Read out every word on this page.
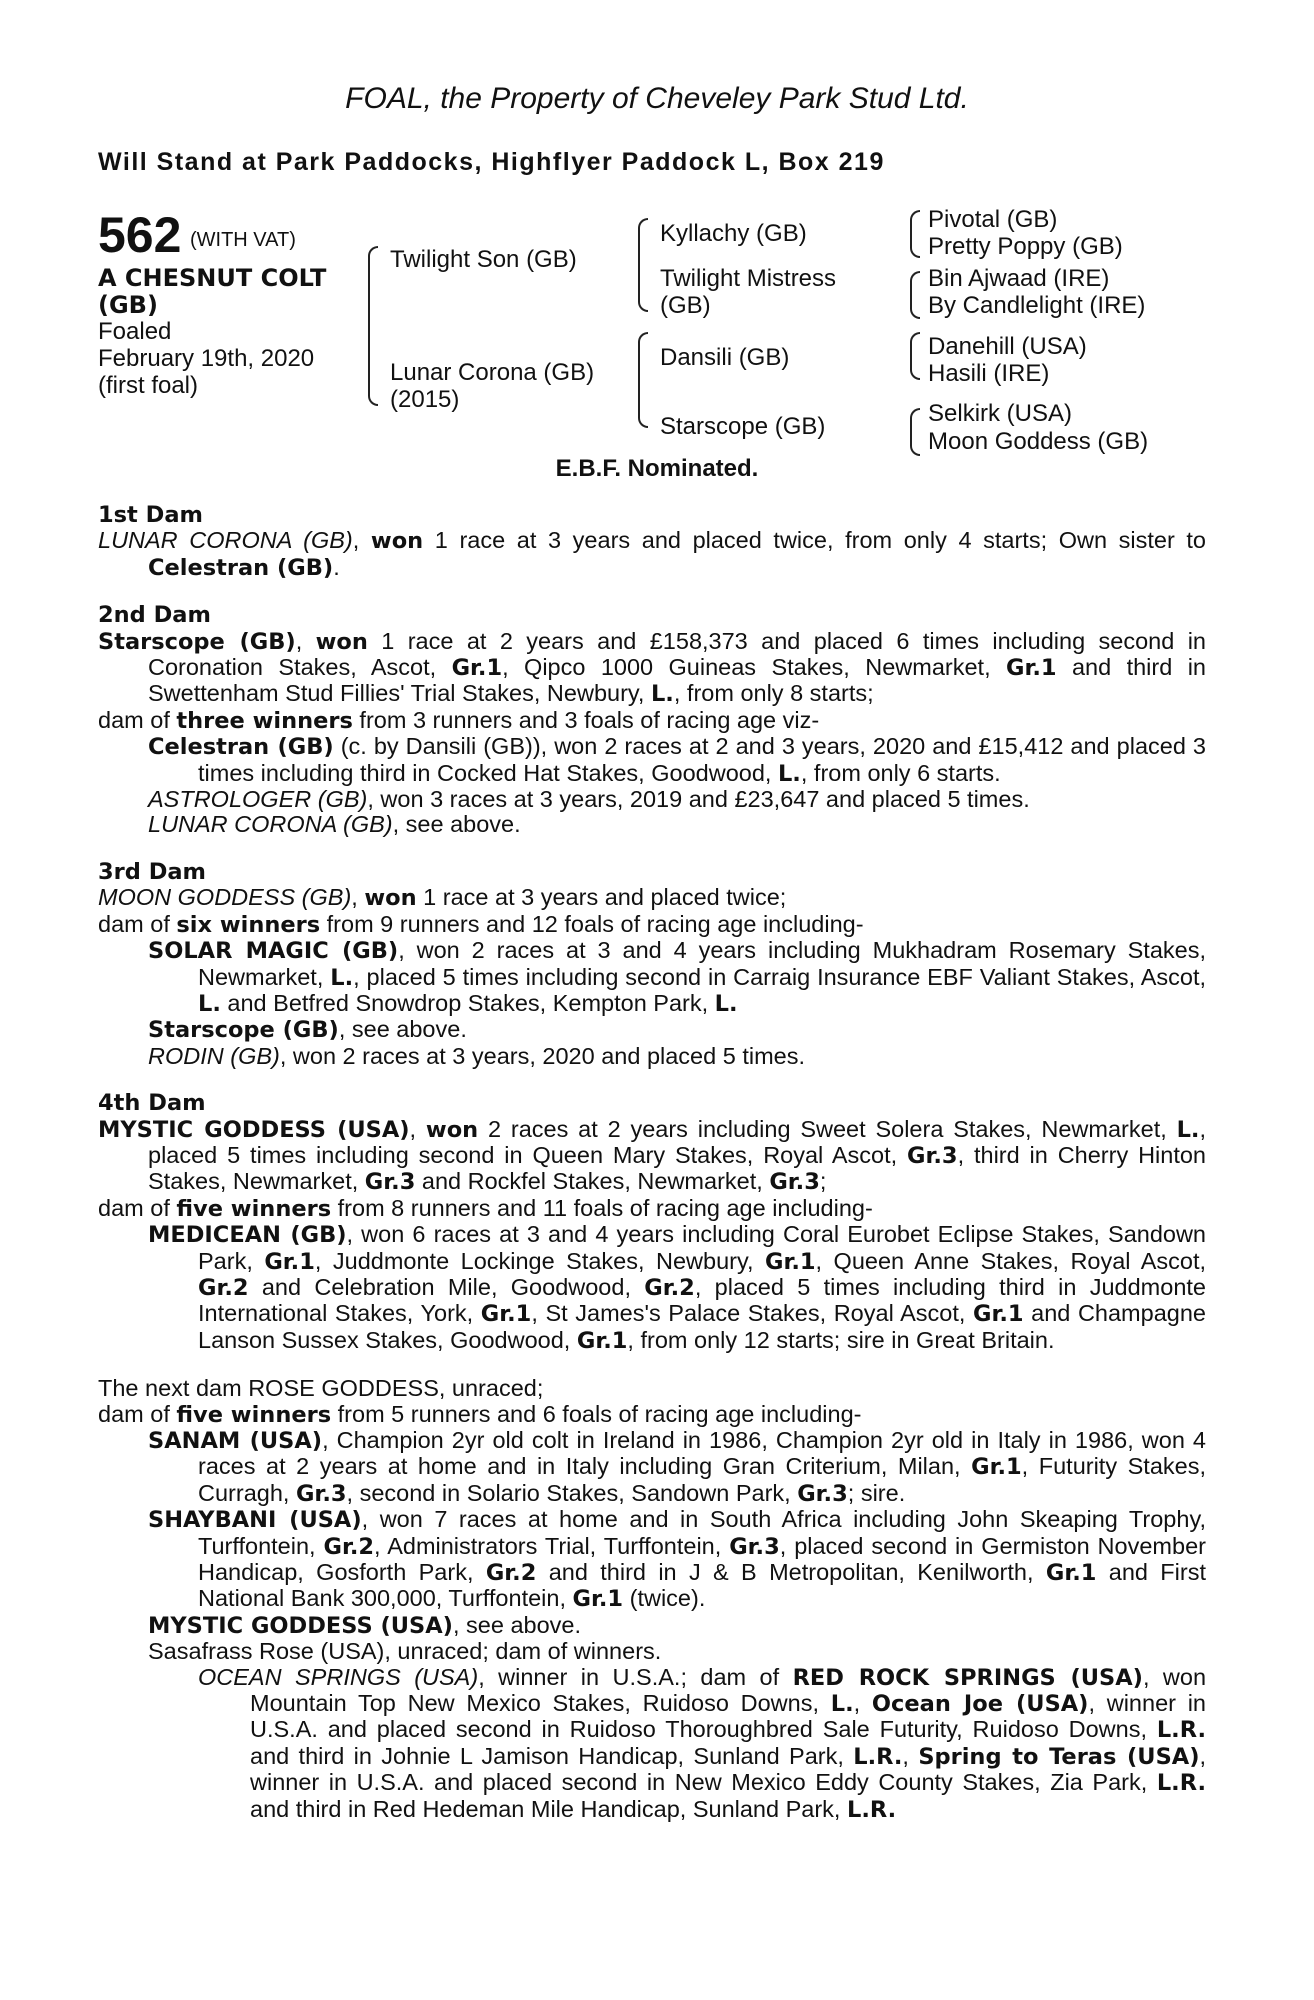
FOAL, the Property of Cheveley Park Stud Ltd.
Will Stand at Park Paddocks, Highflyer Paddock L, Box 219
562 (WITH VAT)
A CHESNUT COLT
(GB)
Foaled
February 19th, 2020
(first foal)
Twilight Son (GB)
Lunar Corona (GB)
(2015)
Kyllachy (GB)
Twilight Mistress
(GB)
Dansili (GB)
Starscope (GB)
Pivotal (GB)
Pretty Poppy (GB)
Bin Ajwaad (IRE)
By Candlelight (IRE)
Danehill (USA)
Hasili (IRE)
Selkirk (USA)
Moon Goddess (GB)
E.B.F. Nominated.
1st Dam
LUNAR CORONA (GB), won 1 race at 3 years and placed twice, from only 4 starts; Own sister to Celestran (GB).
2nd Dam
Starscope (GB), won 1 race at 2 years and £158,373 and placed 6 times including second in Coronation Stakes, Ascot, Gr.1, Qipco 1000 Guineas Stakes, Newmarket, Gr.1 and third in Swettenham Stud Fillies' Trial Stakes, Newbury, L., from only 8 starts;
dam of three winners from 3 runners and 3 foals of racing age viz-
Celestran (GB) (c. by Dansili (GB)), won 2 races at 2 and 3 years, 2020 and £15,412 and placed 3 times including third in Cocked Hat Stakes, Goodwood, L., from only 6 starts.
ASTROLOGER (GB), won 3 races at 3 years, 2019 and £23,647 and placed 5 times.
LUNAR CORONA (GB), see above.
3rd Dam
MOON GODDESS (GB), won 1 race at 3 years and placed twice;
dam of six winners from 9 runners and 12 foals of racing age including-
SOLAR MAGIC (GB), won 2 races at 3 and 4 years including Mukhadram Rosemary Stakes, Newmarket, L., placed 5 times including second in Carraig Insurance EBF Valiant Stakes, Ascot, L. and Betfred Snowdrop Stakes, Kempton Park, L.
Starscope (GB), see above.
RODIN (GB), won 2 races at 3 years, 2020 and placed 5 times.
4th Dam
MYSTIC GODDESS (USA), won 2 races at 2 years including Sweet Solera Stakes, Newmarket, L., placed 5 times including second in Queen Mary Stakes, Royal Ascot, Gr.3, third in Cherry Hinton Stakes, Newmarket, Gr.3 and Rockfel Stakes, Newmarket, Gr.3;
dam of five winners from 8 runners and 11 foals of racing age including-
MEDICEAN (GB), won 6 races at 3 and 4 years including Coral Eurobet Eclipse Stakes, Sandown Park, Gr.1, Juddmonte Lockinge Stakes, Newbury, Gr.1, Queen Anne Stakes, Royal Ascot, Gr.2 and Celebration Mile, Goodwood, Gr.2, placed 5 times including third in Juddmonte International Stakes, York, Gr.1, St James's Palace Stakes, Royal Ascot, Gr.1 and Champagne Lanson Sussex Stakes, Goodwood, Gr.1, from only 12 starts; sire in Great Britain.
The next dam ROSE GODDESS, unraced;
dam of five winners from 5 runners and 6 foals of racing age including-
SANAM (USA), Champion 2yr old colt in Ireland in 1986, Champion 2yr old in Italy in 1986, won 4 races at 2 years at home and in Italy including Gran Criterium, Milan, Gr.1, Futurity Stakes, Curragh, Gr.3, second in Solario Stakes, Sandown Park, Gr.3; sire.
SHAYBANI (USA), won 7 races at home and in South Africa including John Skeaping Trophy, Turffontein, Gr.2, Administrators Trial, Turffontein, Gr.3, placed second in Germiston November Handicap, Gosforth Park, Gr.2 and third in J & B Metropolitan, Kenilworth, Gr.1 and First National Bank 300,000, Turffontein, Gr.1 (twice).
MYSTIC GODDESS (USA), see above.
Sasafrass Rose (USA), unraced; dam of winners.
OCEAN SPRINGS (USA), winner in U.S.A.; dam of RED ROCK SPRINGS (USA), won Mountain Top New Mexico Stakes, Ruidoso Downs, L., Ocean Joe (USA), winner in U.S.A. and placed second in Ruidoso Thoroughbred Sale Futurity, Ruidoso Downs, L.R. and third in Johnie L Jamison Handicap, Sunland Park, L.R., Spring to Teras (USA), winner in U.S.A. and placed second in New Mexico Eddy County Stakes, Zia Park, L.R. and third in Red Hedeman Mile Handicap, Sunland Park, L.R.
